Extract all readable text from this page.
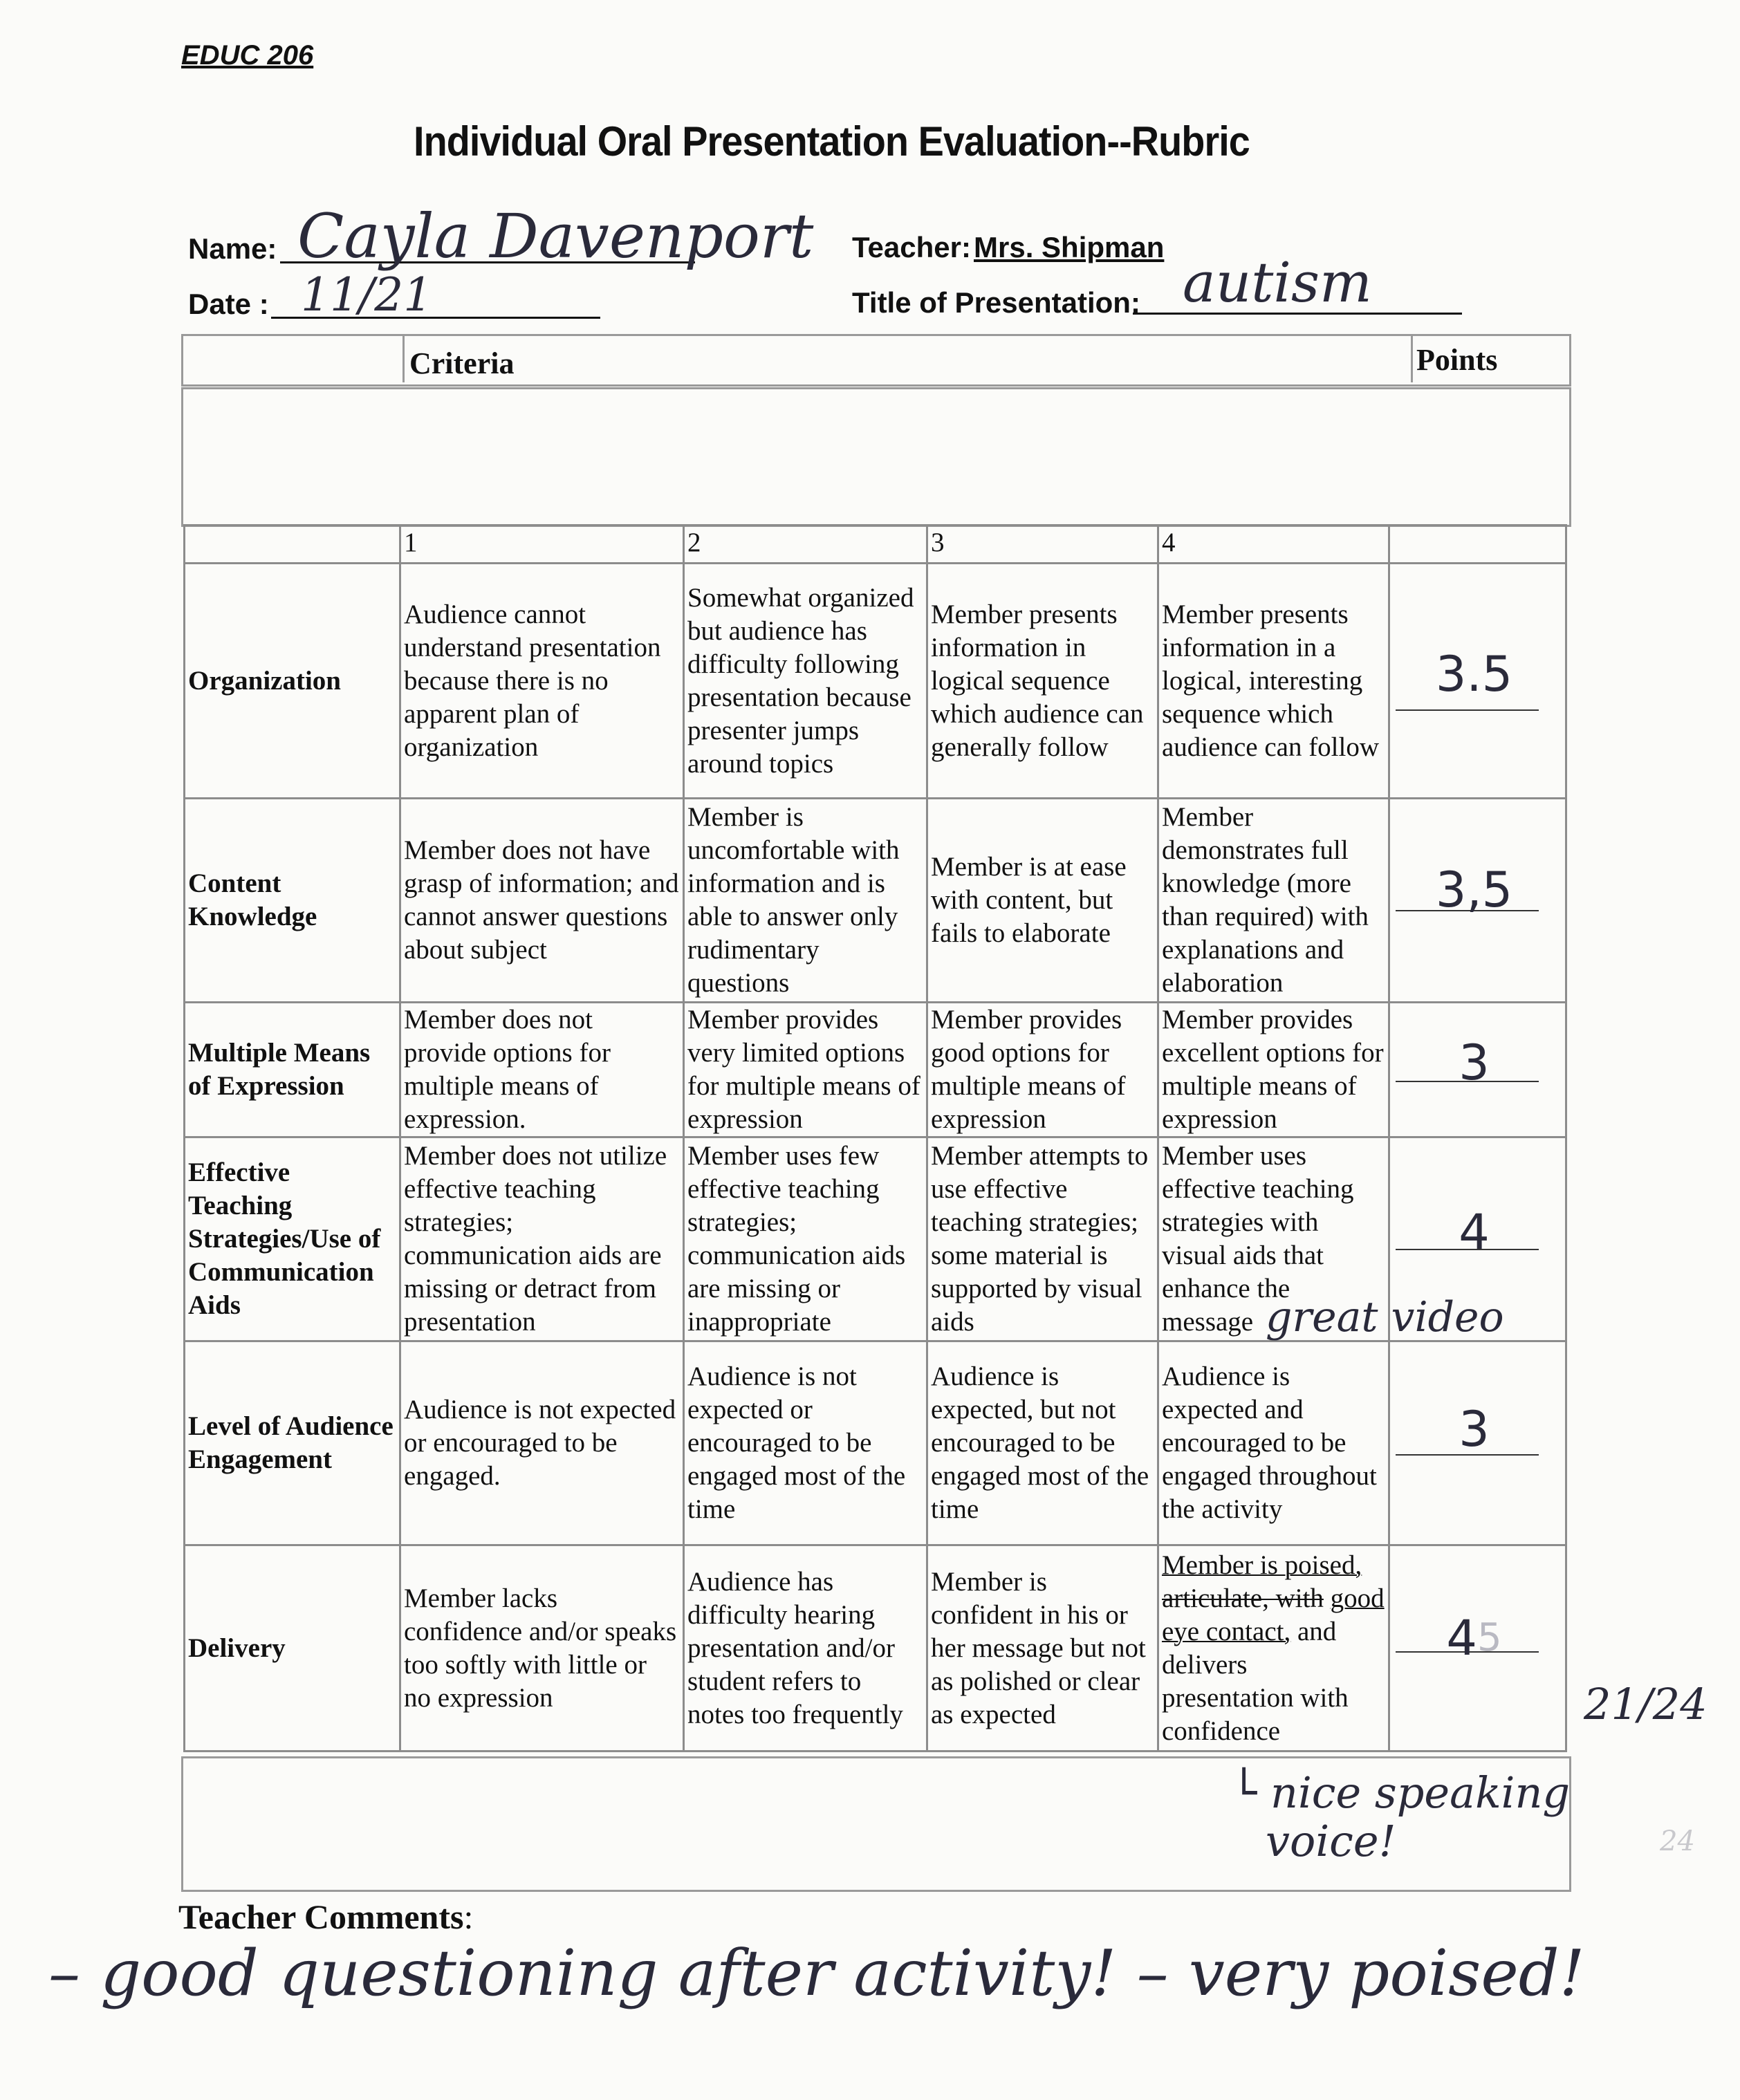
EDUC 206
Individual Oral Presentation Evaluation--Rubric
Name: Cayla Davenport
Date : 11/21
Teacher: Mrs. Shipman
Title of Presentation: autism
Criteria	Points
	1	2	3	4	
Organization	Audience cannot understand presentation because there is no apparent plan of organization	Somewhat organized but audience has difficulty following presentation because presenter jumps around topics	Member presents information in logical sequence which audience can generally follow	Member presents information in a logical, interesting sequence which audience can follow	3.5

Content Knowledge	Member does not have grasp of information; and cannot answer questions about subject	Member is uncomfortable with information and is able to answer only rudimentary questions	Member is at ease with content, but fails to elaborate	Member demonstrates full knowledge (more than required) with explanations and elaboration	3,5

Multiple Means of Expression	Member does not provide options for multiple means of expression.	Member provides very limited options for multiple means of expression	Member provides good options for multiple means of expression	Member provides excellent options for multiple means of expression	3

Effective Teaching Strategies/Use of Communication Aids	Member does not utilize effective teaching strategies; communication aids are missing or detract from presentation	Member uses few effective teaching strategies; communication aids are missing or inappropriate	Member attempts to use effective teaching strategies; some material is supported by visual aids	Member uses effective teaching strategies with visual aids that enhance the message	4

Level of Audience Engagement	Audience is not expected or encouraged to be engaged.	Audience is not expected or encouraged to be engaged most of the time	Audience is expected, but not encouraged to be engaged most of the time	Audience is expected and encouraged to be engaged throughout the activity	3

Delivery	Member lacks confidence and/or speaks too softly with little or no expression	Audience has difficulty hearing presentation and/or student refers to notes too frequently	Member is confident in his or her message but not as polished or clear as expected	Member is poised, articulate, with good eye contact, and delivers presentation with confidence	4 5
great video
21/24
└ nice speaking
voice!	24
Teacher Comments:
– good questioning after activity! – very poised!
